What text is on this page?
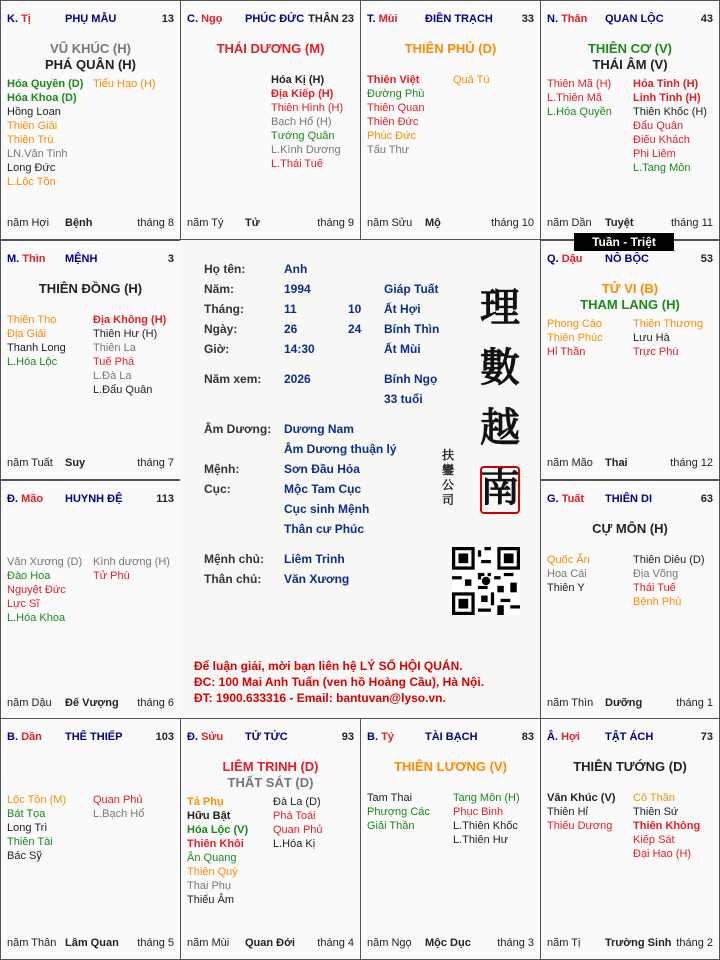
K. Tị	PHỤ MẪU	13
VŨ KHÚC (H)
PHÁ QUÂN (H)
Hóa Quyền (D)
Hóa Khoa (D)
Hồng Loan
Thiên Giải
Thiên Trù
LN.Văn Tinh
Long Đức
L.Lộc Tồn
Tiểu Hao (H)
năm Hợi Bệnh	tháng 8
C. Ngọ PHÚC ĐỨC THÂN 23
THÁI DƯƠNG (M)
Hóa Kị (H)
Địa Kiếp (H)
Thiên Hình (H)
Bạch Hổ (H)
Tướng Quân
L.Kình Dương
L.Thái Tuế
năm Tý Tử	tháng 9
T. Mùi ĐIỀN TRẠCH	33
THIÊN PHỦ (D)
Thiên Việt
Đường Phù
Thiên Quan
Thiên Đức
Phúc Đức
Tấu Thư
Quả Tú
năm Sửu Mộ	tháng 10
N. Thân QUAN LỘC	43
THIÊN CƠ (V)
THÁI ÂM (V)
Thiên Mã (H)
L.Thiên Mã
L.Hóa Quyền
Hỏa Tinh (H)
Linh Tinh (H)
Thiên Khốc (H)
Đẩu Quân
Điếu Khách
Phi Liêm
L.Tang Môn
năm Dần Tuyệt	tháng 11
M. Thìn MỆNH	3
THIÊN ĐỒNG (H)
Thiên Thọ
Địa Giải
Thanh Long
L.Hóa Lộc
Địa Không (H)
Thiên Hư (H)
Thiên La
Tuế Phá
L.Đà La
L.Đẩu Quân
năm Tuất Suy	tháng 7
Q. Dậu NÔ BỘC	53
TỬ VI (B)
THAM LANG (H)
Phong Cáo
Thiên Phúc
Hỉ Thần
Thiên Thương
Lưu Hà
Trực Phù
năm Mão Thai	tháng 12
Đ. Mão HUYNH ĐỆ	113
Văn Xương (D)
Đào Hoa
Nguyệt Đức
Lực Sĩ
L.Hóa Khoa
Kình dương (H)
Tử Phù
năm Dậu Đế Vượng tháng 6
G. Tuất THIÊN DI	63
CỰ MÔN (H)
Quốc Ấn
Hoa Cái
Thiên Y
Thiên Diêu (D)
Địa Võng
Thái Tuế
Bệnh Phù
năm Thìn Dưỡng	tháng 1
B. Dần THÊ THIẾP	103
Lộc Tồn (M)
Bát Tọa
Long Trì
Thiên Tài
Bác Sỹ
Quan Phủ
L.Bạch Hổ
năm Thân Lâm Quan tháng 5
Đ. Sửu TỬ TỨC	93
LIÊM TRINH (D)
THẤT SÁT (D)
Tả Phụ
Hữu Bật
Hóa Lộc (V)
Thiên Khôi
Ân Quang
Thiên Quý
Thai Phụ
Thiếu Âm
Đà La (D)
Phá Toái
Quan Phủ
L.Hóa Kị
năm Mùi Quan Đới tháng 4
B. Tý	TÀI BẠCH	83
THIÊN LƯƠNG (V)
Tam Thai
Phượng Các
Giải Thần
Tang Môn (H)
Phục Binh
L.Thiên Khốc
L.Thiên Hư
năm Ngọ Mộc Dục tháng 3
Â. Hợi TẬT ÁCH	73
THIÊN TƯỚNG (D)
Văn Khúc (V)
Thiên Hỉ
Thiếu Dương
Cô Thần
Thiên Sứ
Thiên Không
Kiếp Sát
Đại Hao (H)
năm Tị Trường Sinh tháng 2
Tuần - Triệt
Họ tên:	Anh
Năm:	1994	Giáp Tuất
Tháng:	11	10 Ất Hợi
Ngày:	26	24 Bính Thìn
Giờ:	14:30	Ất Mùi
Năm xem: 2026	Bính Ngọ
33 tuổi
Âm Dương: Dương Nam
Âm Dương thuận lý
Mệnh:	Sơn Đầu Hỏa
Cục:	Mộc Tam Cục
Cục sinh Mệnh
Thân cư Phúc
Mệnh chủ: Liêm Trinh
Thân chủ: Văn Xương
理
數
越
南
扶鑾公司
Để luận giải, mời bạn liên hệ LÝ SỐ HỘI QUÁN.
ĐC: 100 Mai Anh Tuấn (ven hồ Hoàng Cầu), Hà Nội.
ĐT: 1900.633316 - Email: bantuvan@lyso.vn.
